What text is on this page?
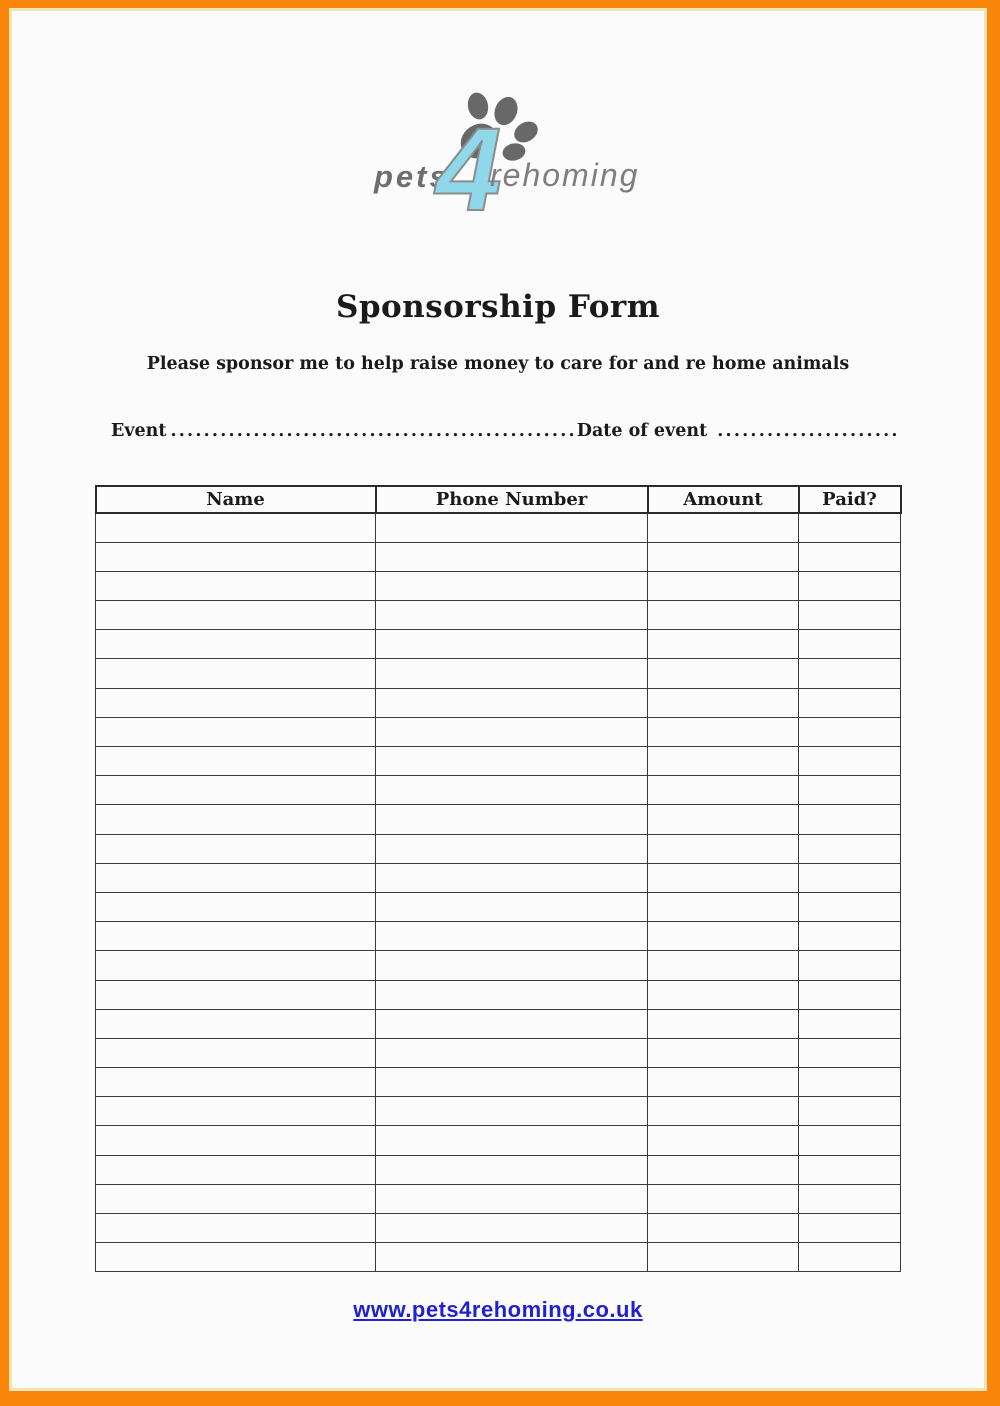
pets
4
rehoming
Sponsorship Form

Please sponsor me to help raise money to care for and re home animals

Event ................................................. Date of event ......................
Name	Phone Number	Amount	Paid?

www.pets4rehoming.co.uk
